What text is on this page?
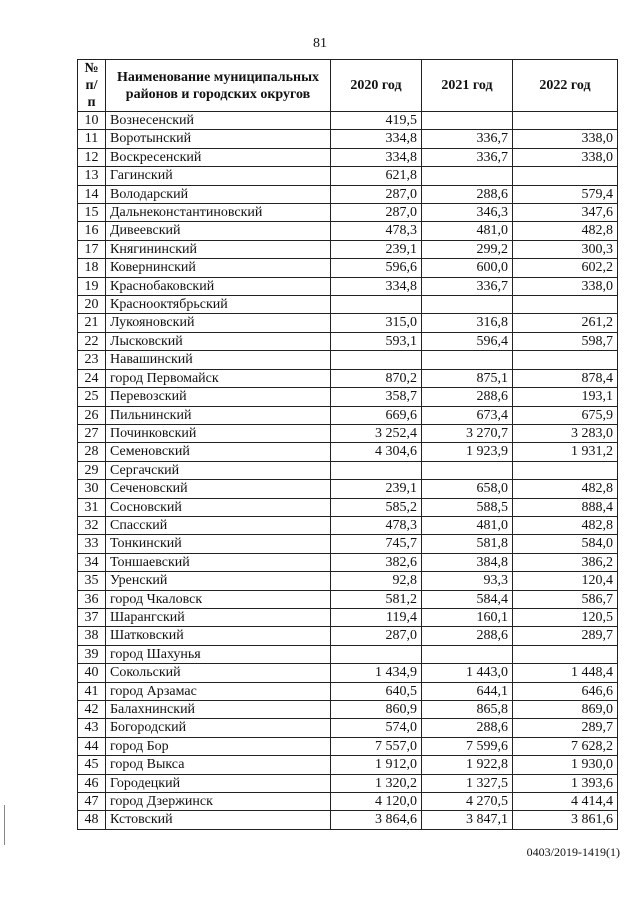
81
№ п/п	Наименование муниципальных районов и городских округов	2020 год	2021 год	2022 год
10	Вознесенский	419,5		
11	Воротынский	334,8	336,7	338,0
12	Воскресенский	334,8	336,7	338,0
13	Гагинский	621,8		
14	Володарский	287,0	288,6	579,4
15	Дальнеконстантиновский	287,0	346,3	347,6
16	Дивеевский	478,3	481,0	482,8
17	Княгининский	239,1	299,2	300,3
18	Ковернинский	596,6	600,0	602,2
19	Краснобаковский	334,8	336,7	338,0
20	Краснооктябрьский			
21	Лукояновский	315,0	316,8	261,2
22	Лысковский	593,1	596,4	598,7
23	Навашинский			
24	город Первомайск	870,2	875,1	878,4
25	Перевозский	358,7	288,6	193,1
26	Пильнинский	669,6	673,4	675,9
27	Починковский	3 252,4	3 270,7	3 283,0
28	Семеновский	4 304,6	1 923,9	1 931,2
29	Сергачский			
30	Сеченовский	239,1	658,0	482,8
31	Сосновский	585,2	588,5	888,4
32	Спасский	478,3	481,0	482,8
33	Тонкинский	745,7	581,8	584,0
34	Тоншаевский	382,6	384,8	386,2
35	Уренский	92,8	93,3	120,4
36	город Чкаловск	581,2	584,4	586,7
37	Шарангский	119,4	160,1	120,5
38	Шатковский	287,0	288,6	289,7
39	город Шахунья			
40	Сокольский	1 434,9	1 443,0	1 448,4
41	город Арзамас	640,5	644,1	646,6
42	Балахнинский	860,9	865,8	869,0
43	Богородский	574,0	288,6	289,7
44	город Бор	7 557,0	7 599,6	7 628,2
45	город Выкса	1 912,0	1 922,8	1 930,0
46	Городецкий	1 320,2	1 327,5	1 393,6
47	город Дзержинск	4 120,0	4 270,5	4 414,4
48	Кстовский	3 864,6	3 847,1	3 861,6
0403/2019-1419(1)
